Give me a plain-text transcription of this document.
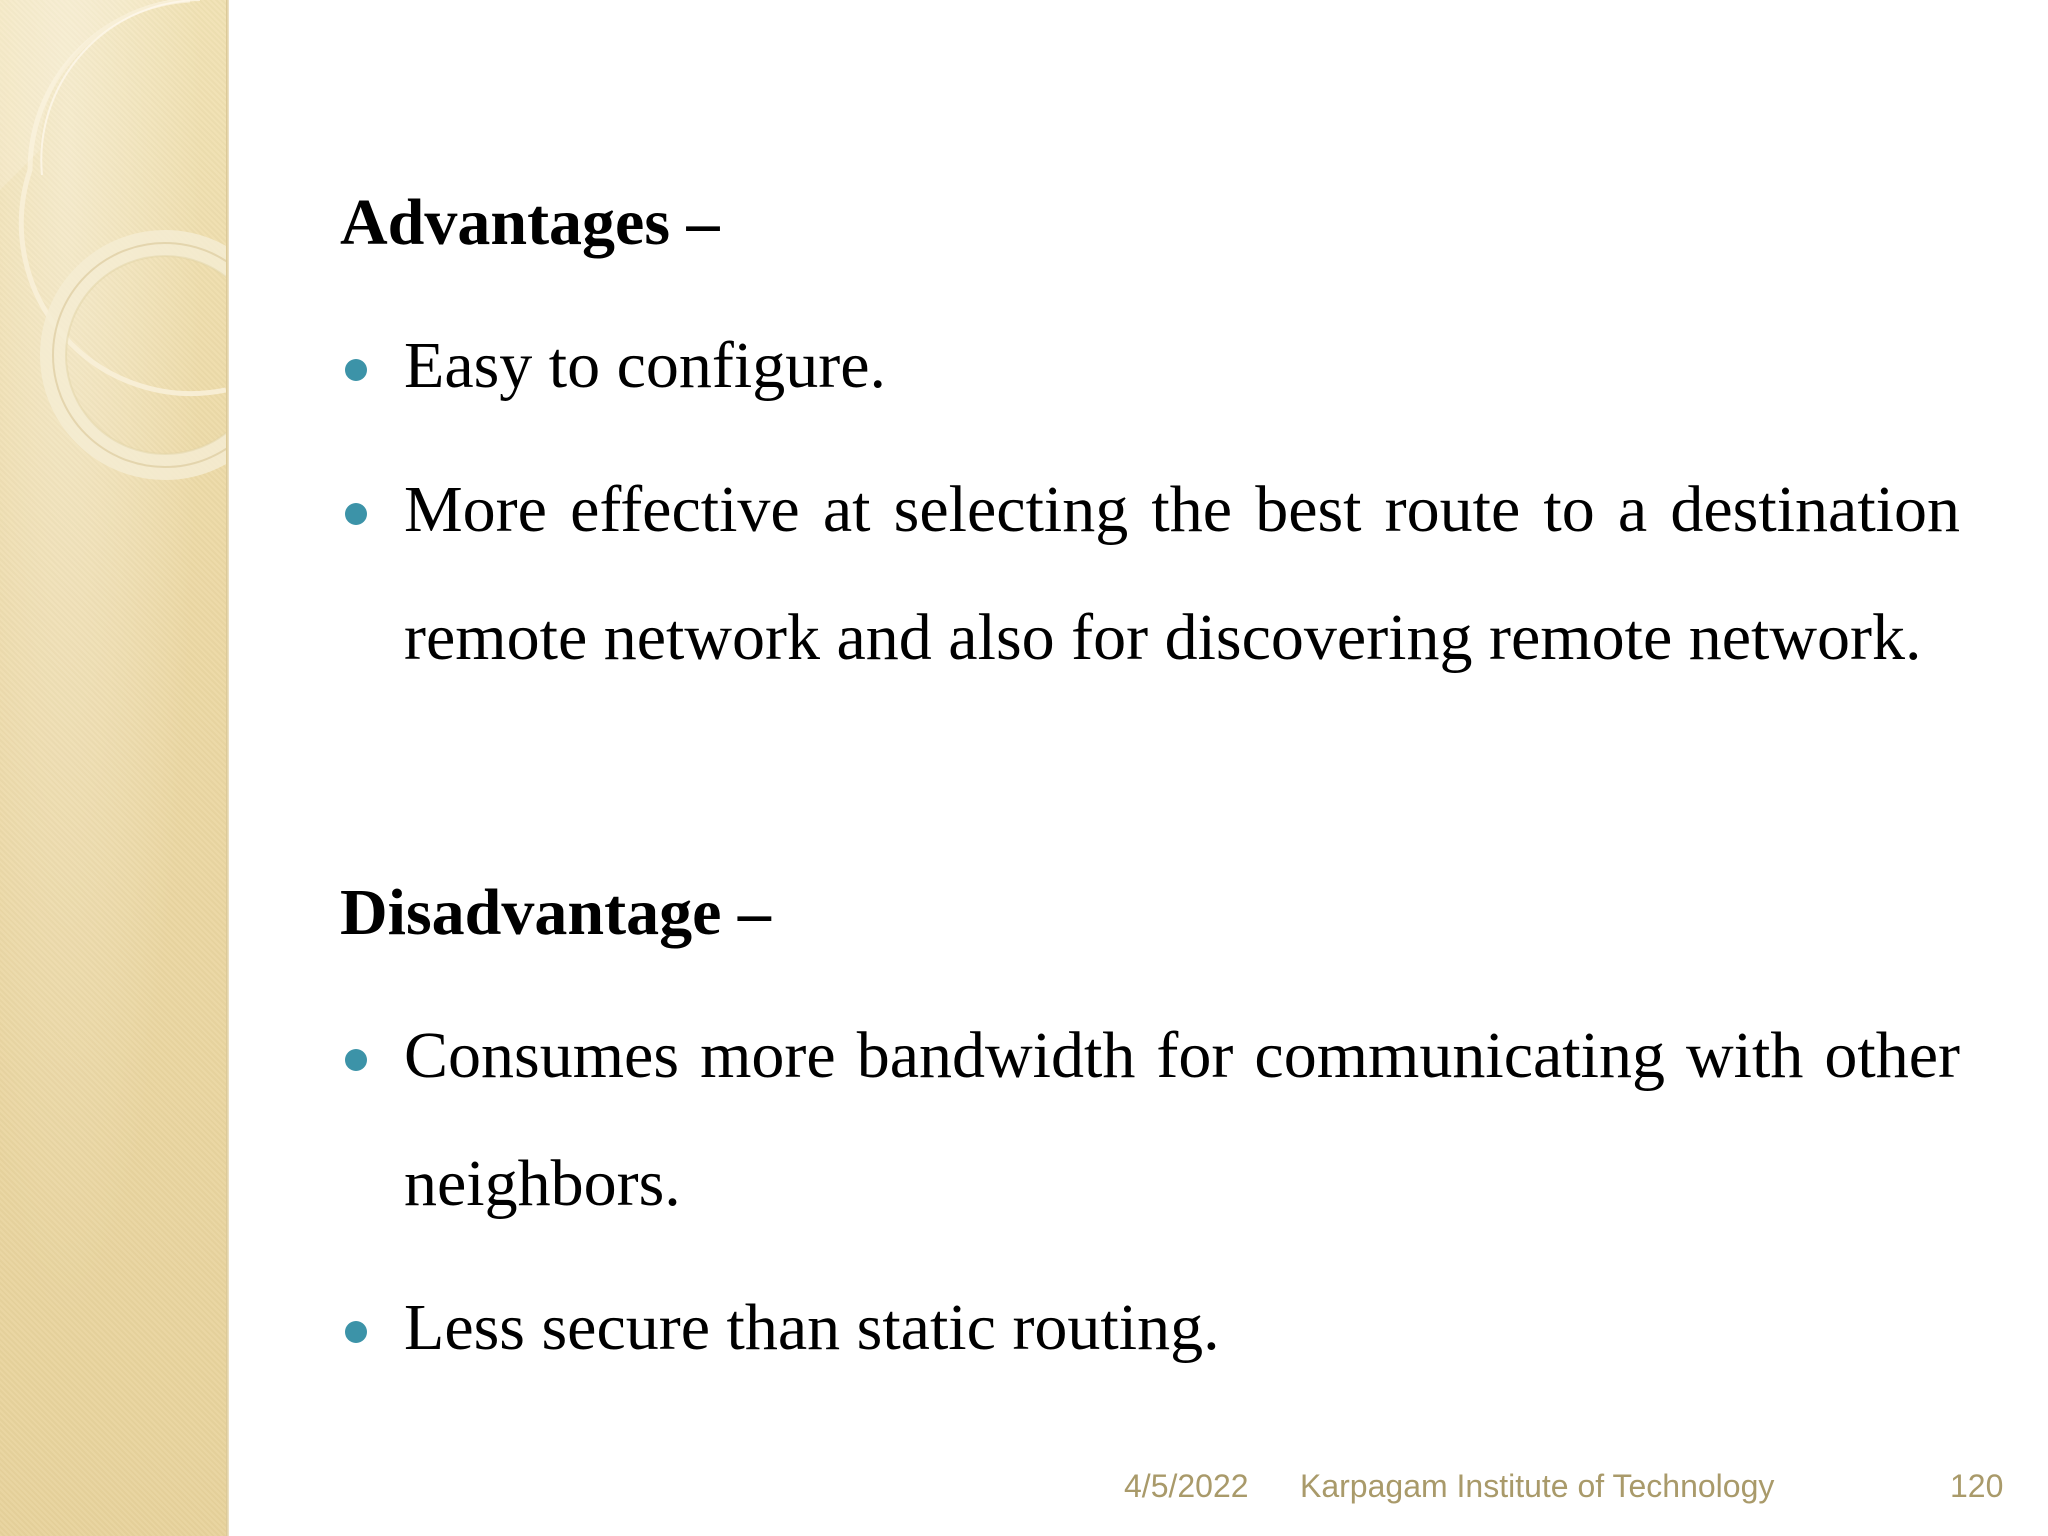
Advantages –
Easy to configure.
More effective at selecting the best route to a destination remote network and also for discovering remote network.
Disadvantage –
Consumes more bandwidth for communicating with other neighbors.
Less secure than static routing.
4/5/2022 Karpagam Institute of Technology	120
